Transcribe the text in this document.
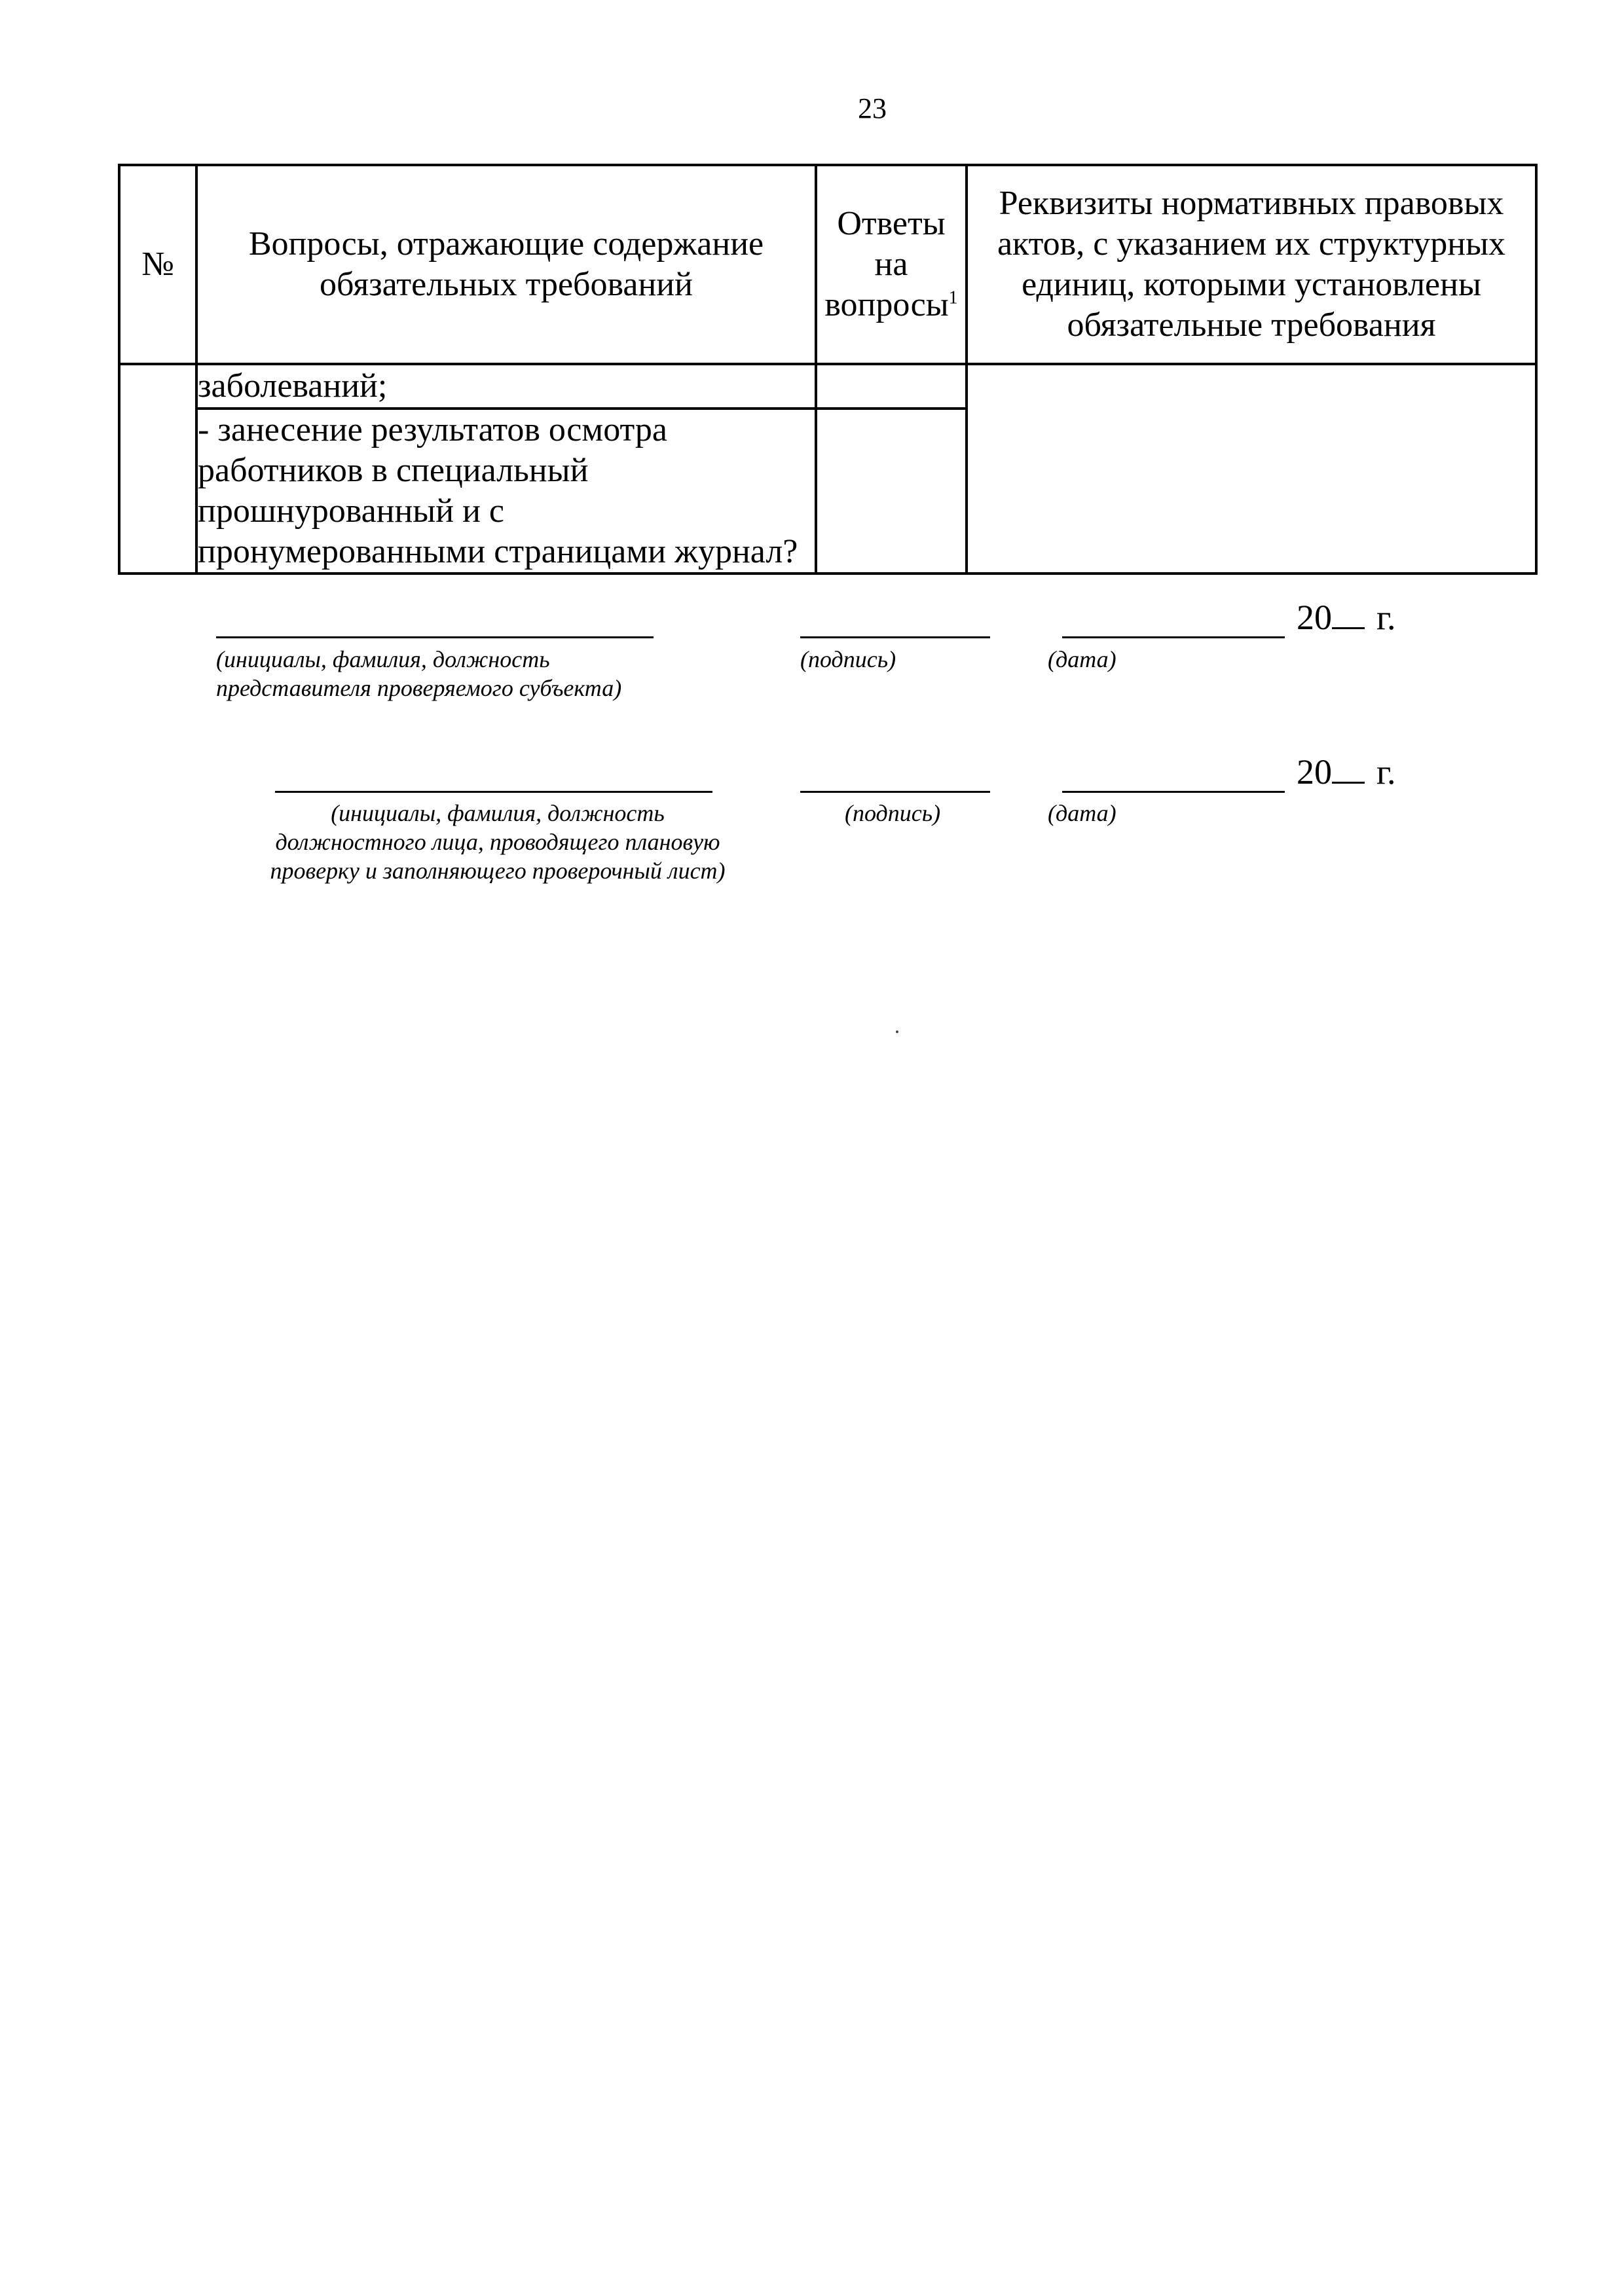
23
№	Вопросы, отражающие содержание обязательных требований	Ответы на вопросы$^1$	Реквизиты нормативных правовых актов, с указанием их структурных единиц, которыми установлены обязательные требования
	заболеваний;		

	- занесение результатов осмотра
работников в специальный
прошнурованный и с
пронумерованными страницами журнал?		

20 г.
(инициалы, фамилия, должность
представителя проверяемого субъекта)
(подпись)	(дата)
20 г.
(инициалы, фамилия, должность
должностного лица, проводящего плановую
проверку и заполняющего проверочный лист)
(подпись)	(дата)
